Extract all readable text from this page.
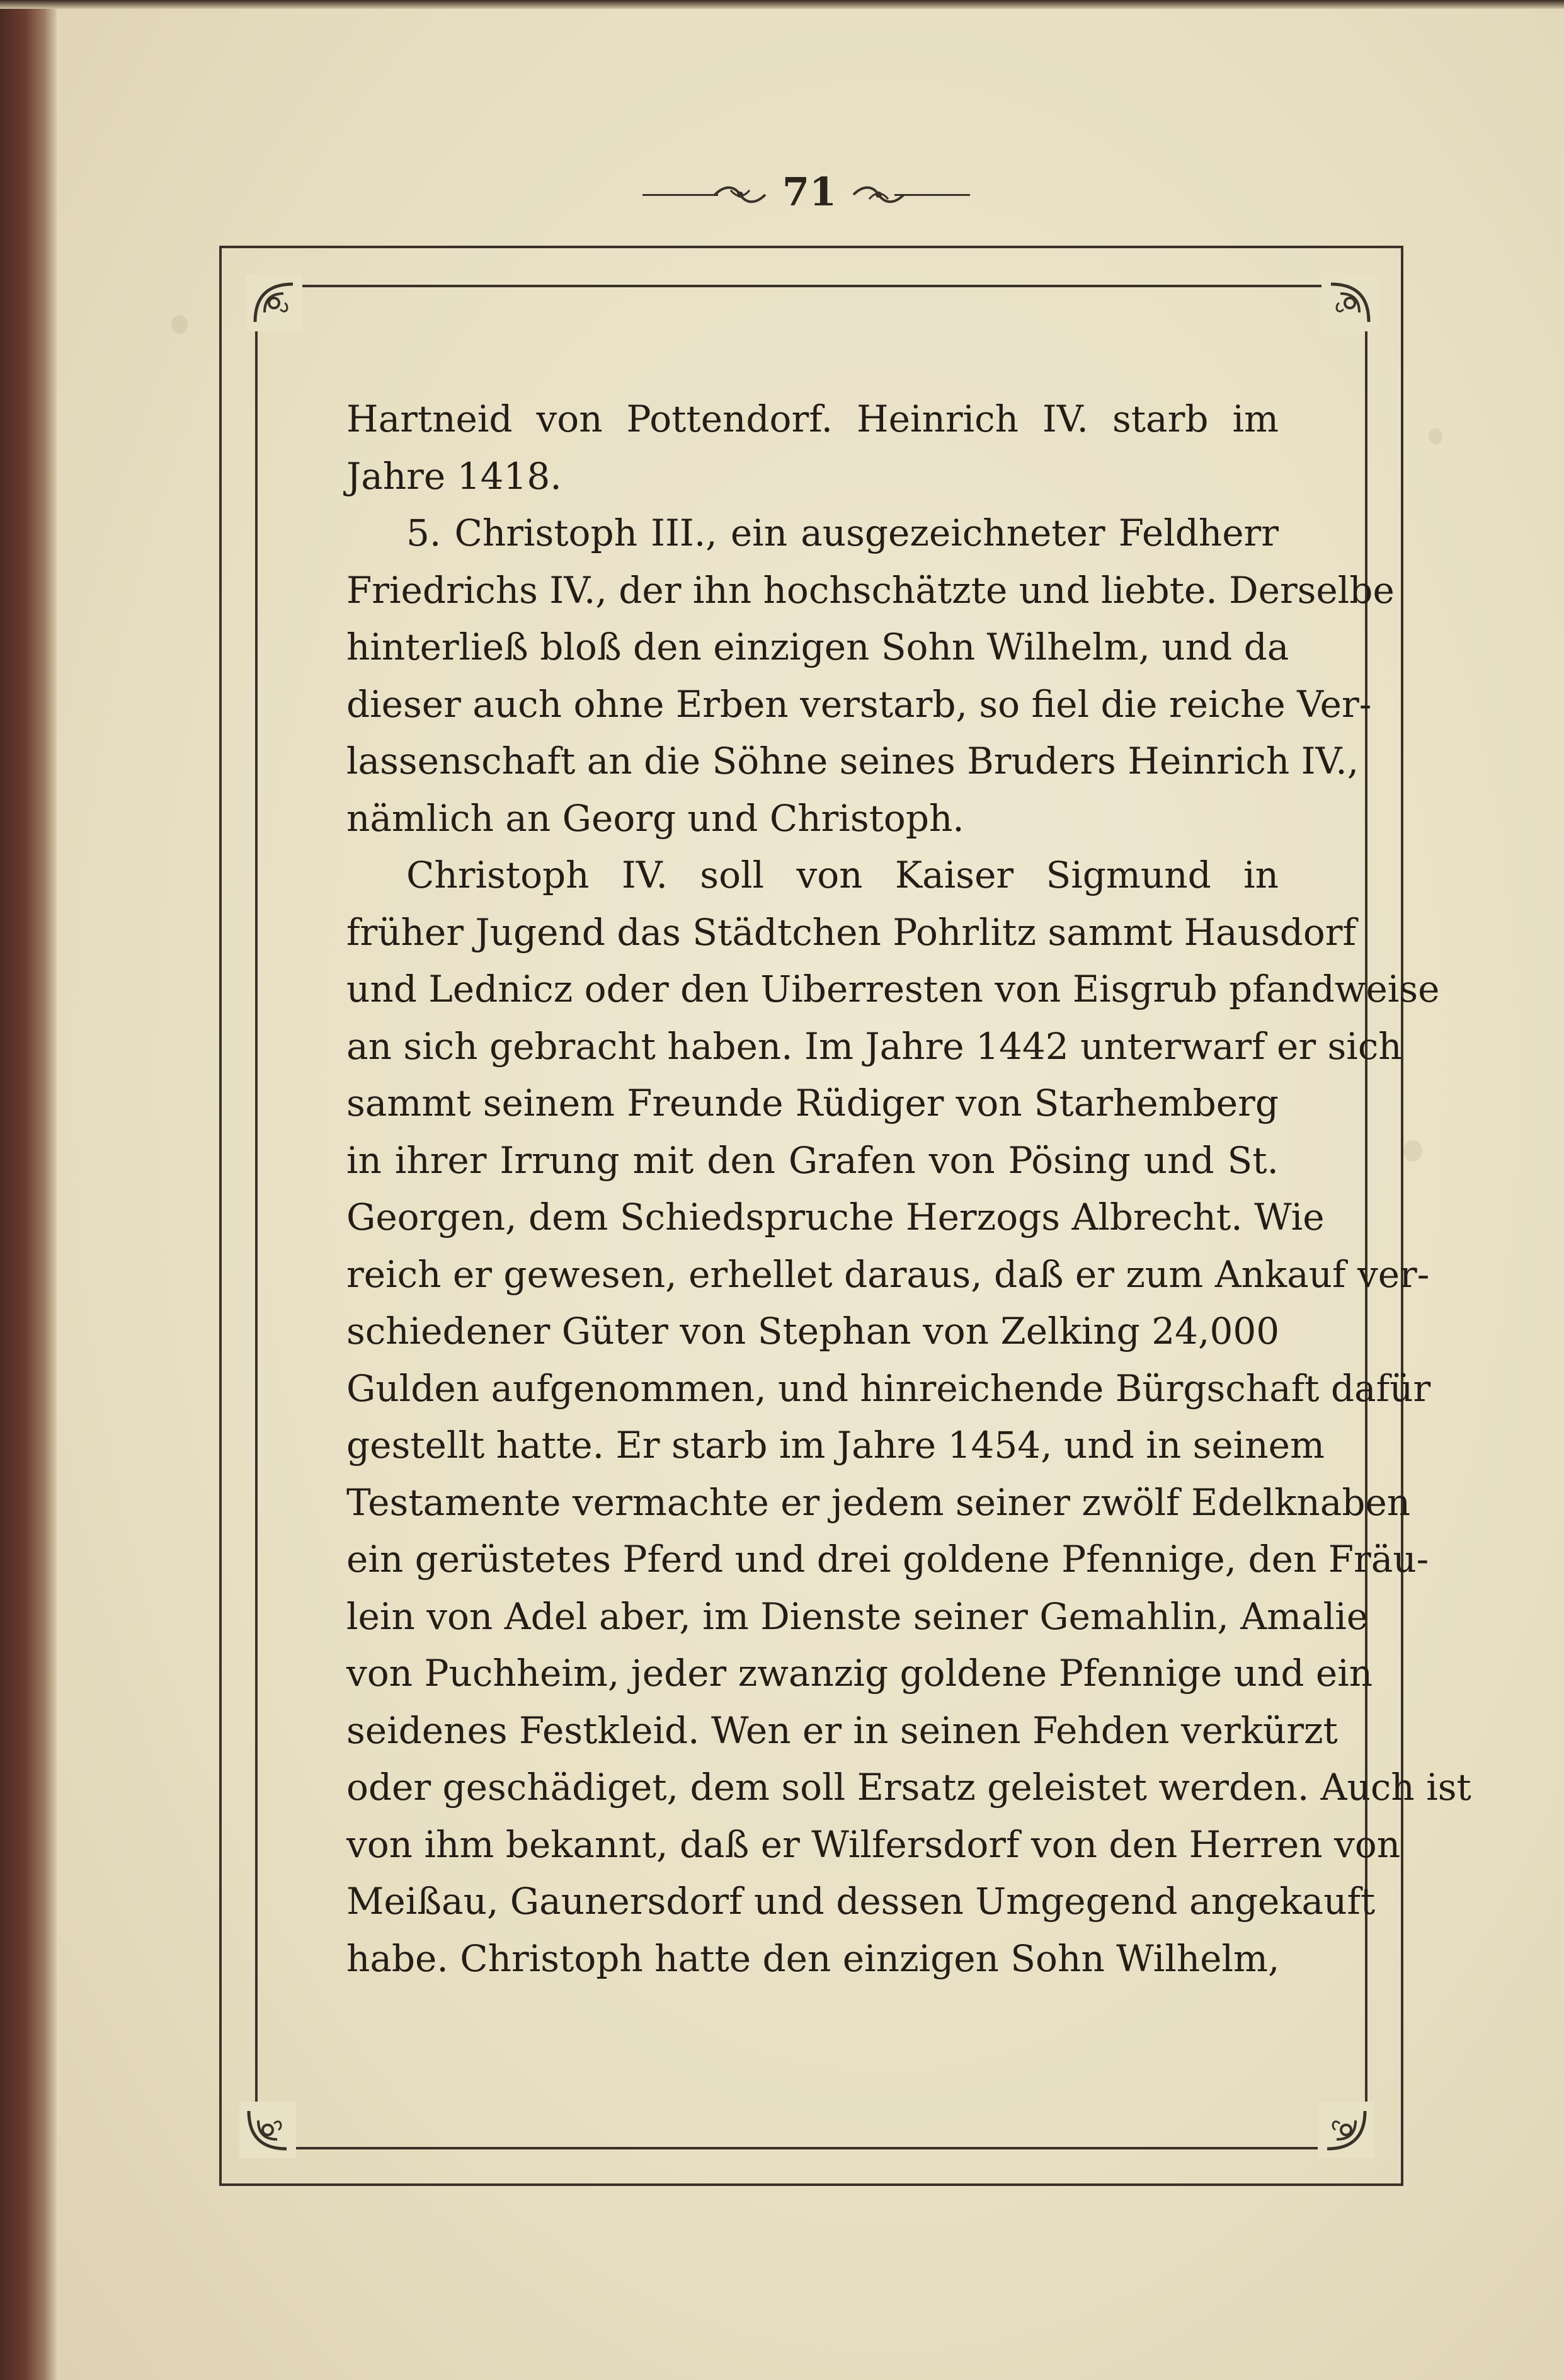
71
Hartneid von Pottendorf. Heinrich IV. starb im
Jahre 1418.
5. Christoph III., ein ausgezeichneter Feldherr
Friedrichs IV., der ihn hochschätzte und liebte. Derselbe
hinterließ bloß den einzigen Sohn Wilhelm, und da
dieser auch ohne Erben verstarb, so fiel die reiche Ver-
lassenschaft an die Söhne seines Bruders Heinrich IV.,
nämlich an Georg und Christoph.
Christoph IV. soll von Kaiser Sigmund in
früher Jugend das Städtchen Pohrlitz sammt Hausdorf
und Lednicz oder den Uiberresten von Eisgrub pfandweise
an sich gebracht haben. Im Jahre 1442 unterwarf er sich
sammt seinem Freunde Rüdiger von Starhemberg
in ihrer Irrung mit den Grafen von Pösing und St.
Georgen, dem Schiedspruche Herzogs Albrecht. Wie
reich er gewesen, erhellet daraus, daß er zum Ankauf ver-
schiedener Güter von Stephan von Zelking 24,000
Gulden aufgenommen, und hinreichende Bürgschaft dafür
gestellt hatte. Er starb im Jahre 1454, und in seinem
Testamente vermachte er jedem seiner zwölf Edelknaben
ein gerüstetes Pferd und drei goldene Pfennige, den Fräu-
lein von Adel aber, im Dienste seiner Gemahlin, Amalie
von Puchheim, jeder zwanzig goldene Pfennige und ein
seidenes Festkleid. Wen er in seinen Fehden verkürzt
oder geschädiget, dem soll Ersatz geleistet werden. Auch ist
von ihm bekannt, daß er Wilfersdorf von den Herren von
Meißau, Gaunersdorf und dessen Umgegend angekauft
habe. Christoph hatte den einzigen Sohn Wilhelm,
